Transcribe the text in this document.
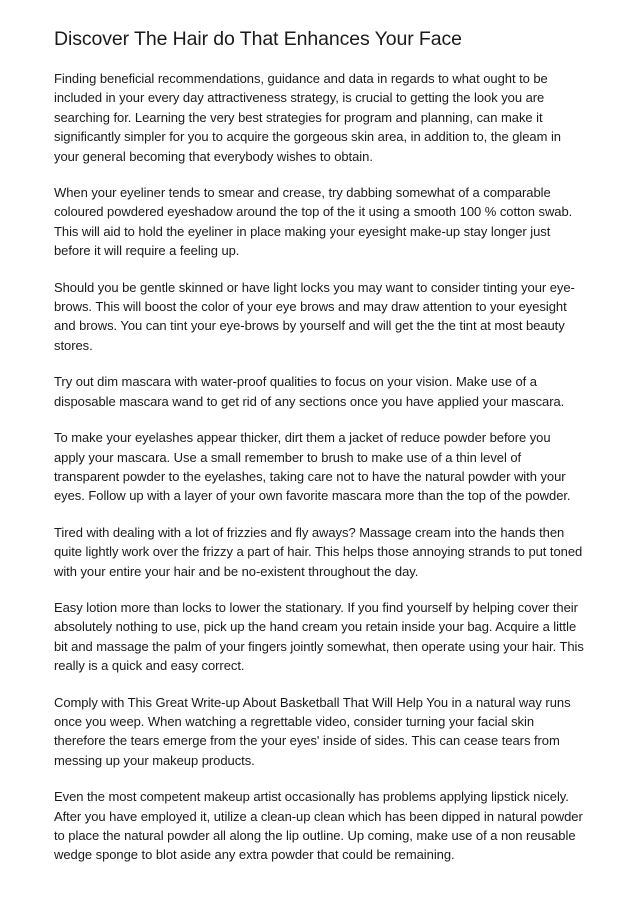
Discover The Hair do That Enhances Your Face

Finding beneficial recommendations, guidance and data in regards to what ought to be
included in your every day attractiveness strategy, is crucial to getting the look you are
searching for. Learning the very best strategies for program and planning, can make it
significantly simpler for you to acquire the gorgeous skin area, in addition to, the gleam in
your general becoming that everybody wishes to obtain.

When your eyeliner tends to smear and crease, try dabbing somewhat of a comparable
coloured powdered eyeshadow around the top of the it using a smooth 100 % cotton swab.
This will aid to hold the eyeliner in place making your eyesight make-up stay longer just
before it will require a feeling up.

Should you be gentle skinned or have light locks you may want to consider tinting your eye-
brows. This will boost the color of your eye brows and may draw attention to your eyesight
and brows. You can tint your eye-brows by yourself and will get the the tint at most beauty
stores.

Try out dim mascara with water-proof qualities to focus on your vision. Make use of a
disposable mascara wand to get rid of any sections once you have applied your mascara.

To make your eyelashes appear thicker, dirt them a jacket of reduce powder before you
apply your mascara. Use a small remember to brush to make use of a thin level of
transparent powder to the eyelashes, taking care not to have the natural powder with your
eyes. Follow up with a layer of your own favorite mascara more than the top of the powder.

Tired with dealing with a lot of frizzies and fly aways? Massage cream into the hands then
quite lightly work over the frizzy a part of hair. This helps those annoying strands to put toned
with your entire your hair and be no-existent throughout the day.

Easy lotion more than locks to lower the stationary. If you find yourself by helping cover their
absolutely nothing to use, pick up the hand cream you retain inside your bag. Acquire a little
bit and massage the palm of your fingers jointly somewhat, then operate using your hair. This
really is a quick and easy correct.

Comply with This Great Write-up About Basketball That Will Help You in a natural way runs
once you weep. When watching a regrettable video, consider turning your facial skin
therefore the tears emerge from the your eyes' inside of sides. This can cease tears from
messing up your makeup products.

Even the most competent makeup artist occasionally has problems applying lipstick nicely.
After you have employed it, utilize a clean-up clean which has been dipped in natural powder
to place the natural powder all along the lip outline. Up coming, make use of a non reusable
wedge sponge to blot aside any extra powder that could be remaining.
